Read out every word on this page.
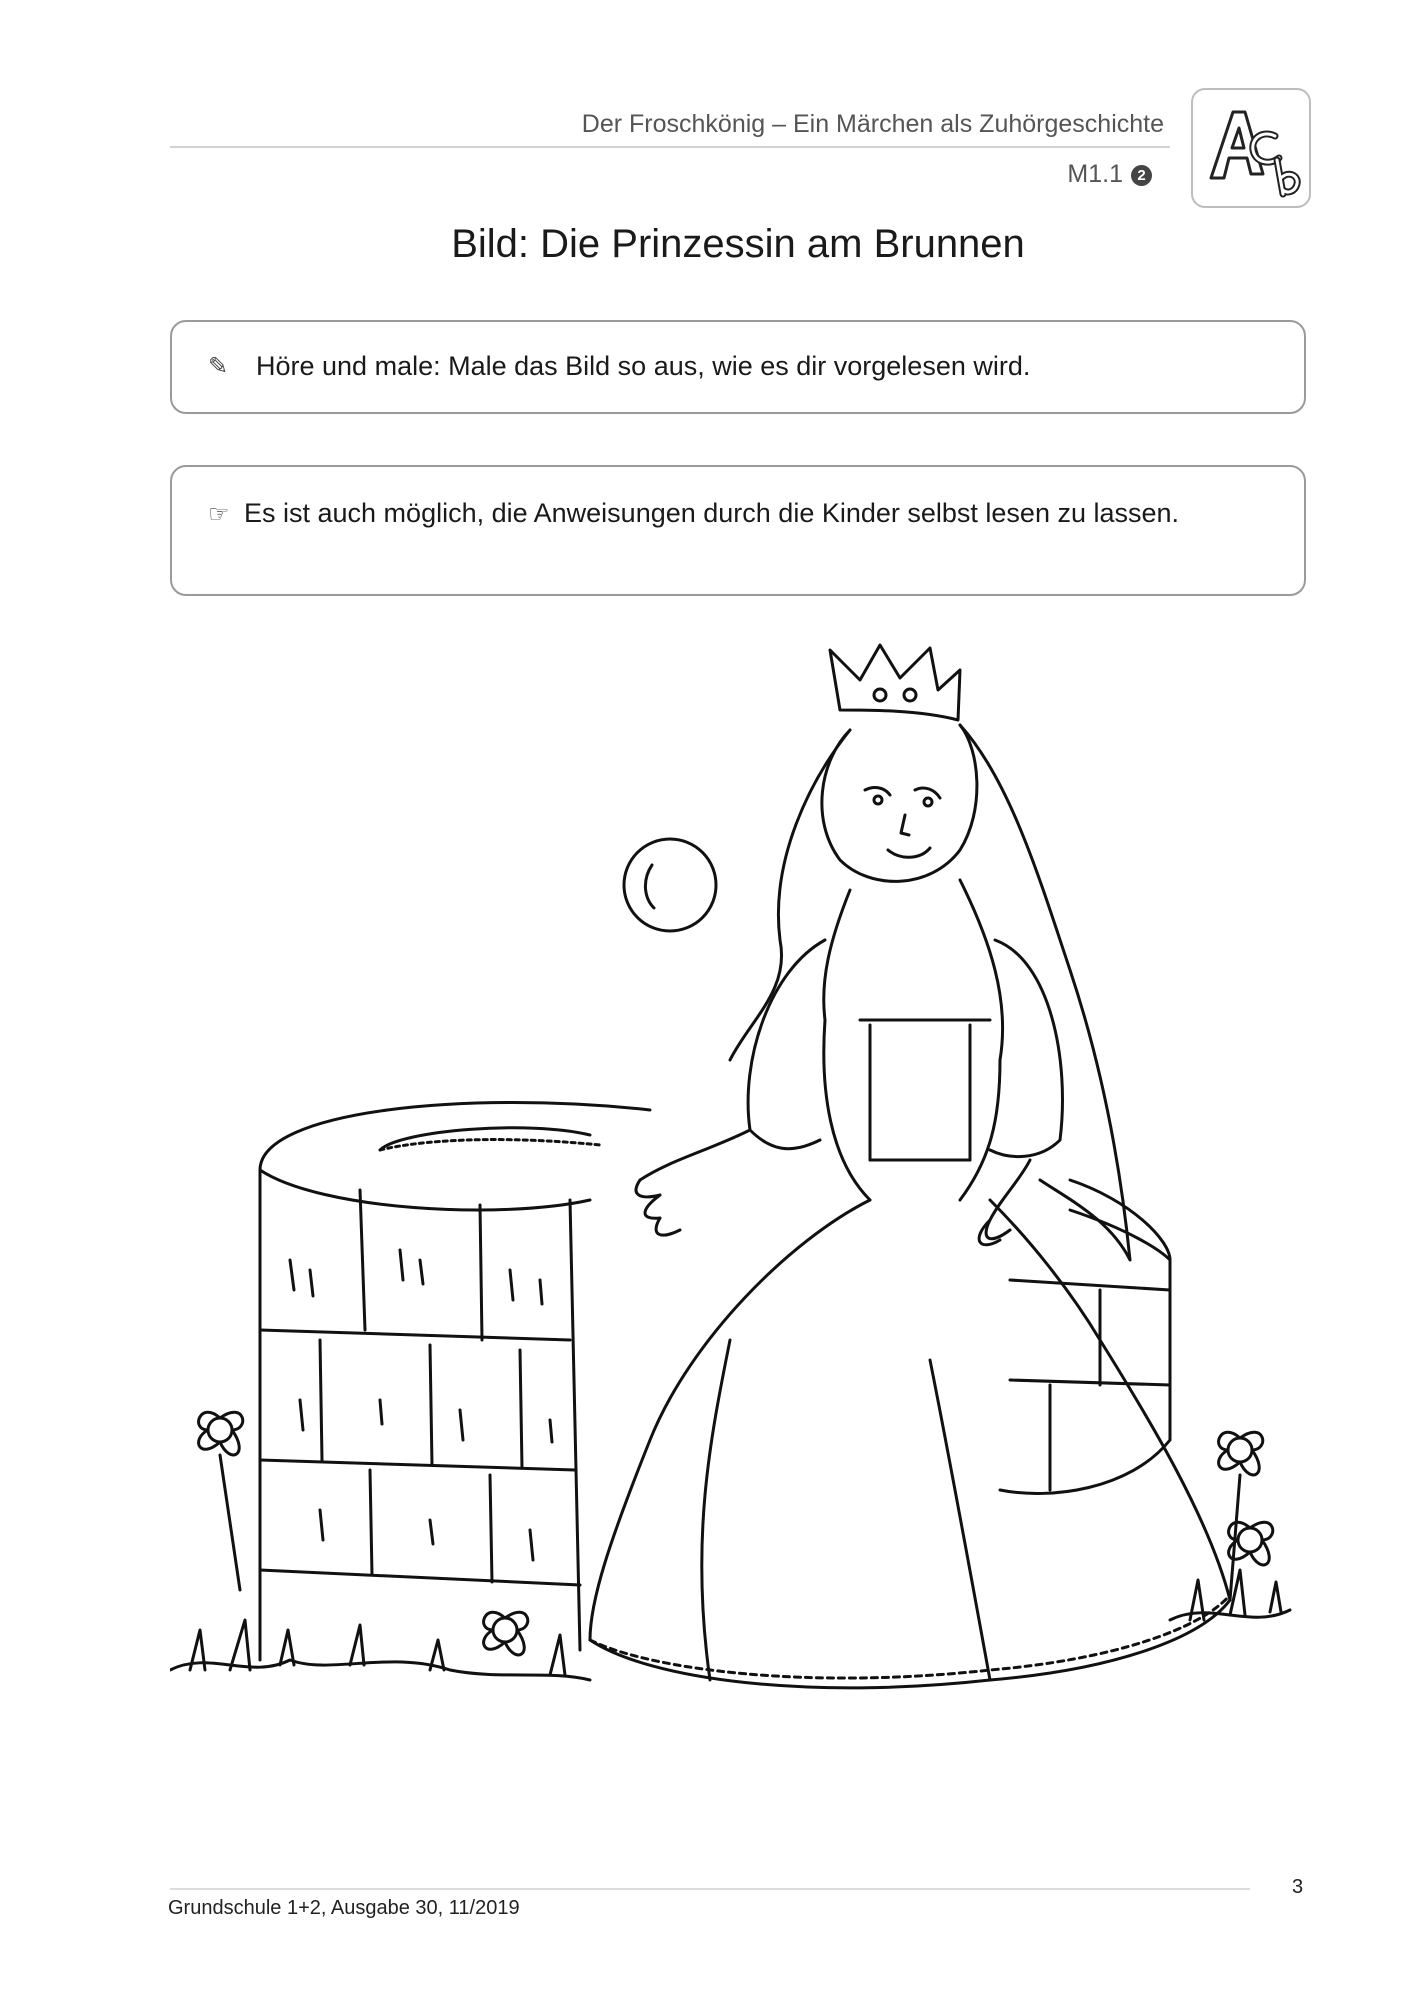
Der Froschkönig – Ein Märchen als Zuhörgeschichte
M1.1 2
Bild: Die Prinzessin am Brunnen
✎ Höre und male: Male das Bild so aus, wie es dir vorgelesen wird.
☞ Es ist auch möglich, die Anweisungen durch die Kinder selbst lesen zu lassen.
Grundschule 1+2, Ausgabe 30, 11/2019
3
